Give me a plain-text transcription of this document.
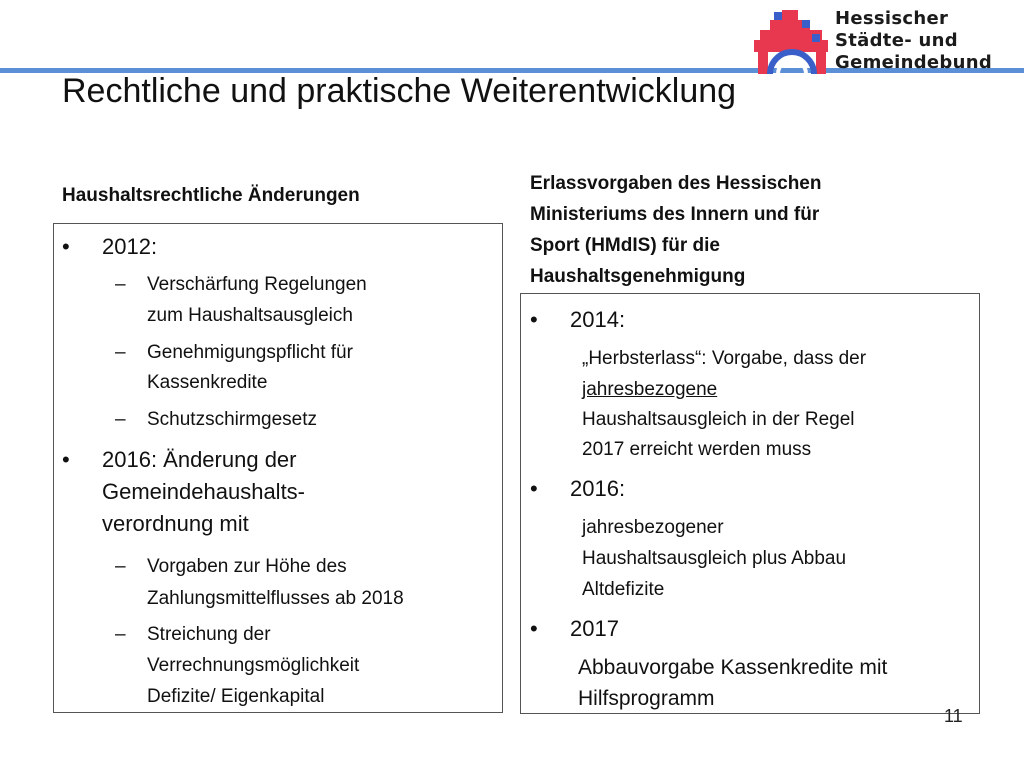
Hessischer
Städte- und
Gemeindebund
Rechtliche und praktische Weiterentwicklung
Haushaltsrechtliche Änderungen
• 2012:
– Verschärfung Regelungen
zum Haushaltsausgleich
– Genehmigungspflicht für
Kassenkredite
– Schutzschirmgesetz
• 2016: Änderung der
Gemeindehaushalts-
verordnung mit
– Vorgaben zur Höhe des
Zahlungsmittelflusses ab 2018
– Streichung der
Verrechnungsmöglichkeit
Defizite/ Eigenkapital
Erlassvorgaben des Hessischen
Ministeriums des Innern und für
Sport (HMdIS) für die
Haushaltsgenehmigung
• 2014:
„Herbsterlass“: Vorgabe, dass der
jahresbezogene
Haushaltsausgleich in der Regel
2017 erreicht werden muss
• 2016:
jahresbezogener
Haushaltsausgleich plus Abbau
Altdefizite
• 2017
Abbauvorgabe Kassenkredite mit
Hilfsprogramm
11
